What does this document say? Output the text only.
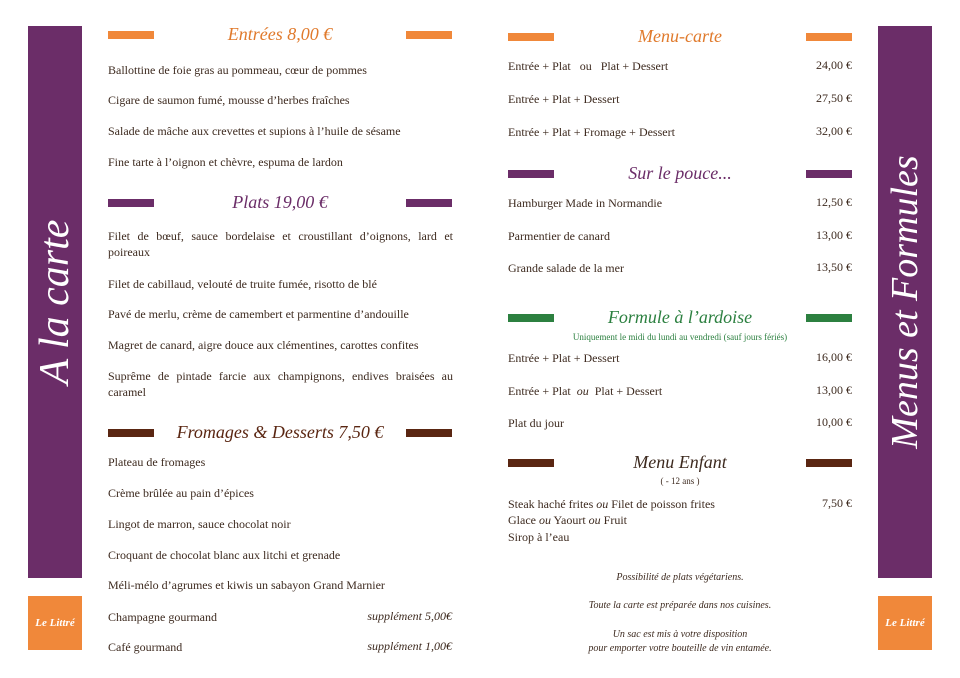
A la carte
Le Littré
Menus et Formules
Le Littré
Entrées 8,00 €
Ballottine de foie gras au pommeau, cœur de pommes
Cigare de saumon fumé, mousse d’herbes fraîches
Salade de mâche aux crevettes et supions à l’huile de sésame
Fine tarte à l’oignon et chèvre, espuma de lardon
Plats 19,00 €
Filet de bœuf, sauce bordelaise et croustillant d’oignons, lard et poireaux
Filet de cabillaud, velouté de truite fumée, risotto de blé
Pavé de merlu, crème de camembert et parmentine d’andouille
Magret de canard, aigre douce aux clémentines, carottes confites
Suprême de pintade farcie aux champignons, endives braisées au caramel
Fromages & Desserts 7,50 €
Plateau de fromages
Crème brûlée au pain d’épices
Lingot de marron, sauce chocolat noir
Croquant de chocolat blanc aux litchi et grenade
Méli-mélo d’agrumes et kiwis un sabayon Grand Marnier
Champagne gourmand	supplément 5,00€
Café gourmand	supplément 1,00€
Menu-carte
Entrée + Plat ou Plat + Dessert	24,00 €
Entrée + Plat + Dessert	27,50 €
Entrée + Plat + Fromage + Dessert	32,00 €
Sur le pouce...
Hamburger Made in Normandie	12,50 €
Parmentier de canard	13,00 €
Grande salade de la mer	13,50 €
Formule à l’ardoise
Uniquement le midi du lundi au vendredi (sauf jours fériés)
Entrée + Plat + Dessert	16,00 €
Entrée + Plat ou Plat + Dessert	13,00 €
Plat du jour	10,00 €
Menu Enfant
( - 12 ans )
Steak haché frites ou Filet de poisson frites	7,50 €
Glace ou Yaourt ou Fruit
Sirop à l’eau
Possibilité de plats végétariens.
Toute la carte est préparée dans nos cuisines.
Un sac est mis à votre disposition
pour emporter votre bouteille de vin entamée.
